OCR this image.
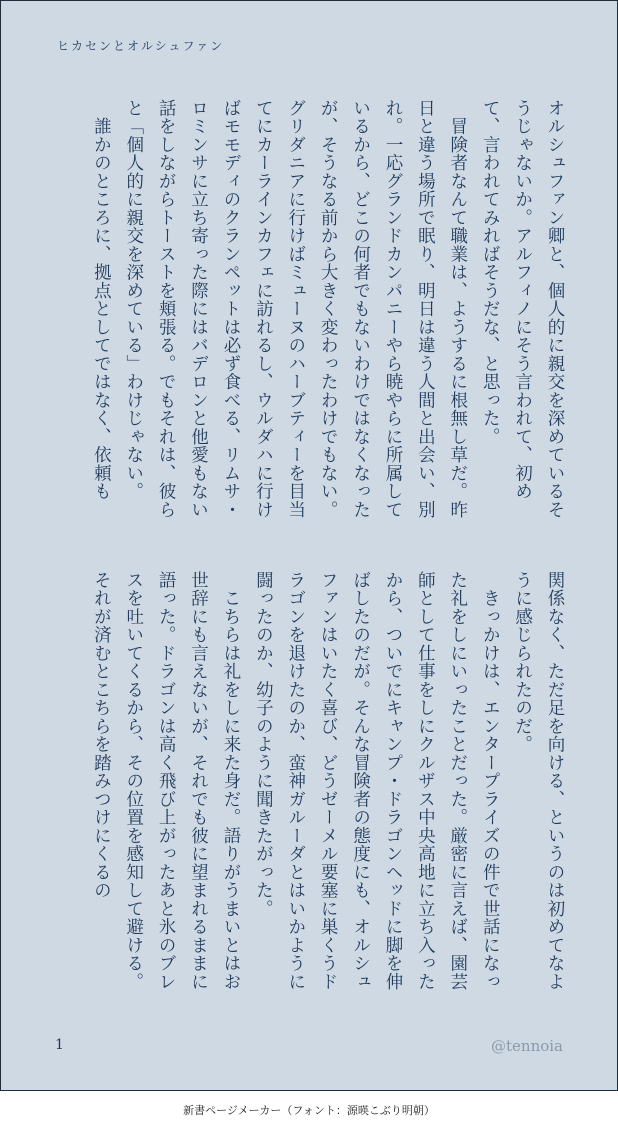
ヒカセンとオルシュファン

オルシュファン卿と、個人的に親交を深めているそうじゃないか。アルフィノにそう言われて、初めて、言われてみればそうだな、と思った。

　冒険者なんて職業は、ようするに根無し草だ。昨日と違う場所で眠り、明日は違う人間と出会い、別れ。一応グランドカンパニーやら暁やらに所属しているから、どこの何者でもないわけではなくなったが、そうなる前から大きく変わったわけでもない。グリダニアに行けばミューヌのハーブティーを目当てにカーラインカフェに訪れるし、ウルダハに行けばモモディのクランペットは必ず食べる、リムサ・ロミンサに立ち寄った際にはバデロンと他愛もない話をしながらトーストを頬張る。でもそれは、彼らと「個人的に親交を深めている」わけじゃない。

　誰かのところに、拠点としてではなく、依頼も

関係なく、ただ足を向ける、というのは初めてなように感じられたのだ。

　きっかけは、エンタープライズの件で世話になった礼をしにいったことだった。厳密に言えば、園芸師として仕事をしにクルザス中央高地に立ち入ったから、ついでにキャンプ・ドラゴンヘッドに脚を伸ばしたのだが。そんな冒険者の態度にも、オルシュファンはいたく喜び、どうゼーメル要塞に巣くうドラゴンを退けたのか、蛮神ガルーダとはいかように闘ったのか、幼子のように聞きたがった。

　こちらは礼をしに来た身だ。語りがうまいとはお世辞にも言えないが、それでも彼に望まれるままに語った。ドラゴンは高く飛び上がったあと氷のブレスを吐いてくるから、その位置を感知して避ける。それが済むとこちらを踏みつけにくるの

1	@tennoia
新書ページメーカー（フォント：源暎こぶり明朝）
